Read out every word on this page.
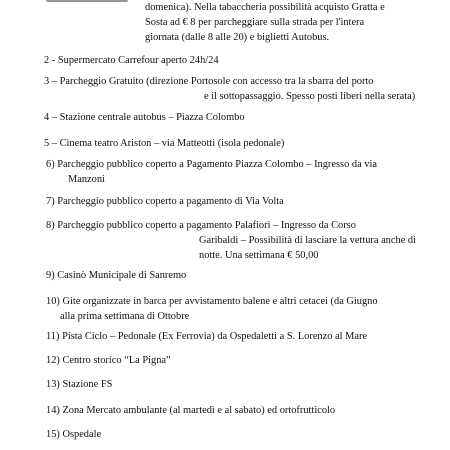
domenica). Nella tabaccheria possibilità acquisto Gratta e
Sosta ad € 8 per parcheggiare sulla strada per l'intera
giornata (dalle 8 alle 20) e biglietti Autobus.
2 - Supermercato Carrefour aperto 24h/24
3 – Parcheggio Gratuito (direzione Portosole con accesso tra la sbarra del porto
e il sottopassaggio. Spesso posti liberi nella serata)
4 – Stazione centrale autobus – Piazza Colombo
5 – Cinema teatro Ariston – via Matteotti (isola pedonale)
6) Parcheggio pubblico coperto a Pagamento Piazza Colombo – Ingresso da via
Manzoni
7) Parcheggio pubblico coperto a pagamento di Via Volta
8) Parcheggio pubblico coperto a pagamento Palafiori – Ingresso da Corso
Garibaldi – Possibilità di lasciare la vettura anche di
notte. Una settimana € 50,00
9) Casinò Municipale di Sanremo
10) Gite organizzate in barca per avvistamento balene e altri cetacei (da Giugno
alla prima settimana di Ottobre
11) Pista Ciclo – Pedonale (Ex Ferrovia) da Ospedaletti a S. Lorenzo al Mare
12) Centro storico “La Pigna”
13) Stazione FS
14) Zona Mercato ambulante (al martedì e al sabato) ed ortofrutticolo
15) Ospedale
